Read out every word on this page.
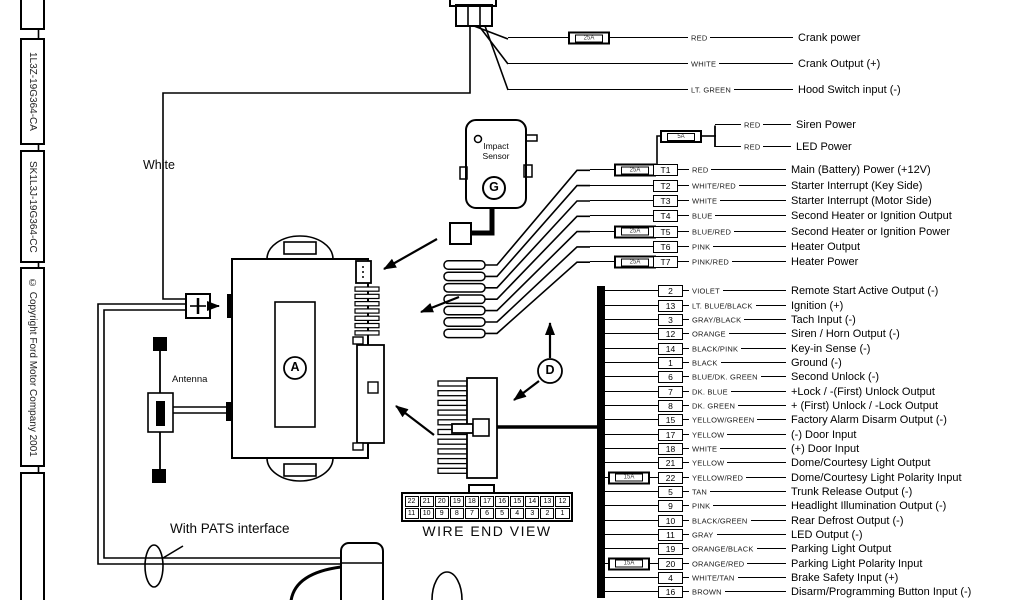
1L3Z-19G364-CA
SK1L3J-19G364-CC
© Copyright Ford Motor Company 2001
White
Antenna
Impact Sensor
With PATS interface	WIRE END VIEW
A
G
D
5A
25A	RED	Crank power
WHITE	Crank Output (+)
LT. GREEN	Hood Switch input (-)
RED	Siren Power
RED	LED Power
25A	T1	RED	Main (Battery) Power (+12V)
T2	WHITE/RED	Starter Interrupt (Key Side)
T3	WHITE	Starter Interrupt (Motor Side)
T4	BLUE	Second Heater or Ignition Output
25A	T5	BLUE/RED	Second Heater or Ignition Power
T6	PINK	Heater Output
25A	T7	PINK/RED	Heater Power
2	VIOLET	Remote Start Active Output (-)
13	LT. BLUE/BLACK	Ignition (+)
3	GRAY/BLACK	Tach Input (-)
12	ORANGE	Siren / Horn Output (-)
14	BLACK/PINK	Key-in Sense (-)
1	BLACK	Ground (-)
6	BLUE/DK. GREEN	Second Unlock (-)
7	DK. BLUE	+Lock / -(First) Unlock Output
8	DK. GREEN	+ (First) Unlock / -Lock Output
15	YELLOW/GREEN	Factory Alarm Disarm Output (-)
17	YELLOW	(-) Door Input
18	WHITE	(+) Door Input
21	YELLOW	Dome/Courtesy Light Output
15A	22	YELLOW/RED	Dome/Courtesy Light Polarity Input
5	TAN	Trunk Release Output (-)
9	PINK	Headlight Illumination Output (-)
10	BLACK/GREEN	Rear Defrost Output (-)
11	GRAY	LED Output (-)
19	ORANGE/BLACK	Parking Light Output
15A	20	ORANGE/RED	Parking Light Polarity Input
4	WHITE/TAN	Brake Safety Input (+)
16	BROWN	Disarm/Programming Button Input (-)
22	21	20	19	18	17	16	15	14	13	12
11	10	9	8	7	6	5	4	3	2	1
